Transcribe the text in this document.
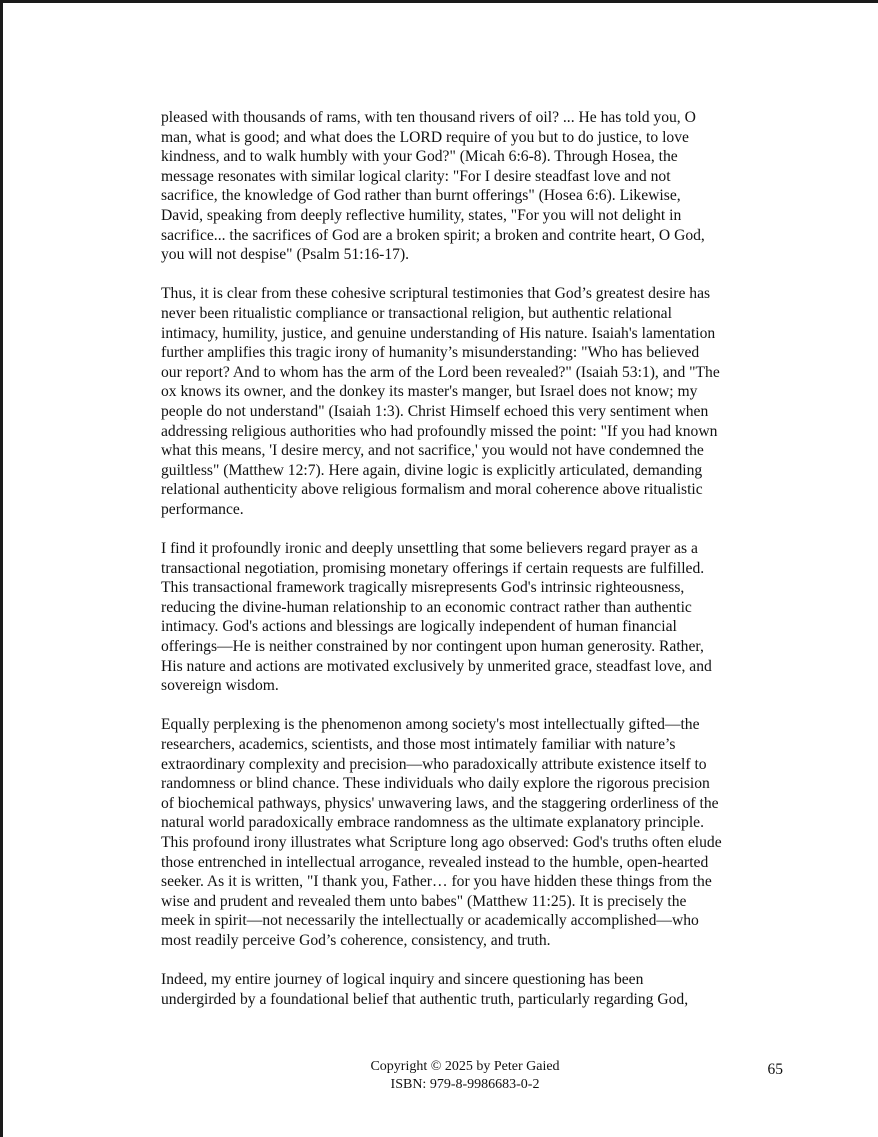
pleased with thousands of rams, with ten thousand rivers of oil? ... He has told you, O
man, what is good; and what does the LORD require of you but to do justice, to love
kindness, and to walk humbly with your God?" (Micah 6:6-8). Through Hosea, the
message resonates with similar logical clarity: "For I desire steadfast love and not
sacrifice, the knowledge of God rather than burnt offerings" (Hosea 6:6). Likewise,
David, speaking from deeply reflective humility, states, "For you will not delight in
sacrifice... the sacrifices of God are a broken spirit; a broken and contrite heart, O God,
you will not despise" (Psalm 51:16-17).
Thus, it is clear from these cohesive scriptural testimonies that God’s greatest desire has
never been ritualistic compliance or transactional religion, but authentic relational
intimacy, humility, justice, and genuine understanding of His nature. Isaiah's lamentation
further amplifies this tragic irony of humanity’s misunderstanding: "Who has believed
our report? And to whom has the arm of the Lord been revealed?" (Isaiah 53:1), and "The
ox knows its owner, and the donkey its master's manger, but Israel does not know; my
people do not understand" (Isaiah 1:3). Christ Himself echoed this very sentiment when
addressing religious authorities who had profoundly missed the point: "If you had known
what this means, 'I desire mercy, and not sacrifice,' you would not have condemned the
guiltless" (Matthew 12:7). Here again, divine logic is explicitly articulated, demanding
relational authenticity above religious formalism and moral coherence above ritualistic
performance.
I find it profoundly ironic and deeply unsettling that some believers regard prayer as a
transactional negotiation, promising monetary offerings if certain requests are fulfilled.
This transactional framework tragically misrepresents God's intrinsic righteousness,
reducing the divine-human relationship to an economic contract rather than authentic
intimacy. God's actions and blessings are logically independent of human financial
offerings—He is neither constrained by nor contingent upon human generosity. Rather,
His nature and actions are motivated exclusively by unmerited grace, steadfast love, and
sovereign wisdom.
Equally perplexing is the phenomenon among society's most intellectually gifted—the
researchers, academics, scientists, and those most intimately familiar with nature’s
extraordinary complexity and precision—who paradoxically attribute existence itself to
randomness or blind chance. These individuals who daily explore the rigorous precision
of biochemical pathways, physics' unwavering laws, and the staggering orderliness of the
natural world paradoxically embrace randomness as the ultimate explanatory principle.
This profound irony illustrates what Scripture long ago observed: God's truths often elude
those entrenched in intellectual arrogance, revealed instead to the humble, open-hearted
seeker. As it is written, "I thank you, Father… for you have hidden these things from the
wise and prudent and revealed them unto babes" (Matthew 11:25). It is precisely the
meek in spirit—not necessarily the intellectually or academically accomplished—who
most readily perceive God’s coherence, consistency, and truth.
Indeed, my entire journey of logical inquiry and sincere questioning has been
undergirded by a foundational belief that authentic truth, particularly regarding God,
Copyright © 2025 by Peter Gaied
ISBN: 979-8-9986683-0-2
65
